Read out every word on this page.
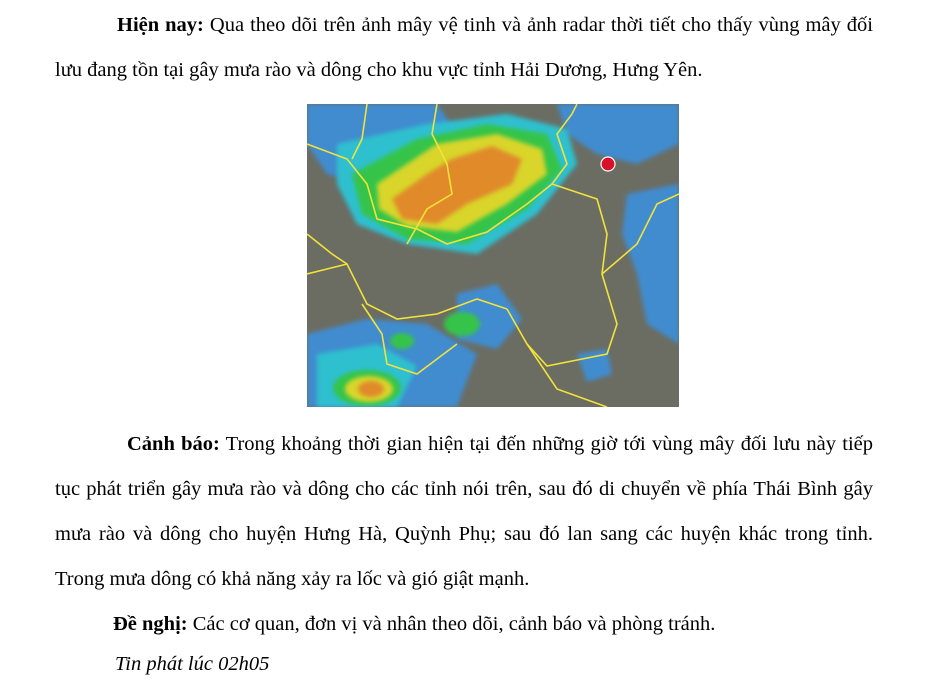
Hiện nay: Qua theo dõi trên ảnh mây vệ tinh và ảnh radar thời tiết cho thấy vùng mây đối lưu đang tồn tại gây mưa rào và dông cho khu vực tỉnh Hải Dương, Hưng Yên.

Cảnh báo: Trong khoảng thời gian hiện tại đến những giờ tới vùng mây đối lưu này tiếp tục phát triển gây mưa rào và dông cho các tỉnh nói trên, sau đó di chuyển về phía Thái Bình gây mưa rào và dông cho huyện Hưng Hà, Quỳnh Phụ; sau đó lan sang các huyện khác trong tỉnh. Trong mưa dông có khả năng xảy ra lốc và gió giật mạnh.

Đề nghị: Các cơ quan, đơn vị và nhân theo dõi, cảnh báo và phòng tránh.

Tin phát lúc 02h05
